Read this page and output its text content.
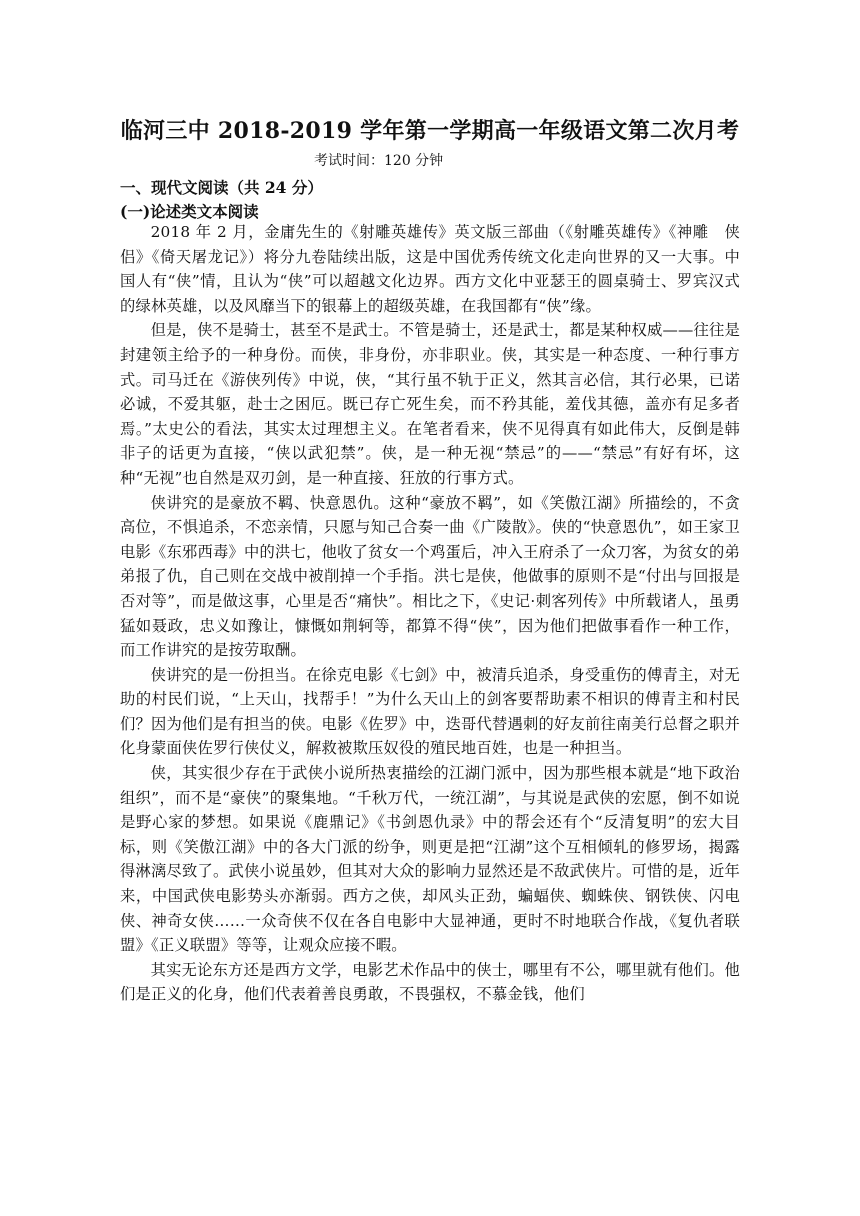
临河三中 2018-2019 学年第一学期高一年级语文第二次月考
考试时间：120 分钟
一、现代文阅读（共 24 分）
(一)论述类文本阅读

2018 年 2 月，金庸先生的《射雕英雄传》英文版三部曲（《射雕英雄传》《神雕　侠侣》《倚天屠龙记》）将分九卷陆续出版，这是中国优秀传统文化走向世界的又一大事。中国人有“侠”情，且认为“侠”可以超越文化边界。西方文化中亚瑟王的圆桌骑士、罗宾汉式的绿林英雄，以及风靡当下的银幕上的超级英雄，在我国都有“侠”缘。

但是，侠不是骑士，甚至不是武士。不管是骑士，还是武士，都是某种权威——往往是封建领主给予的一种身份。而侠，非身份，亦非职业。侠，其实是一种态度、一种行事方式。司马迁在《游侠列传》中说，侠，“其行虽不轨于正义，然其言必信，其行必果，已诺必诚，不爱其躯，赴士之困厄。既已存亡死生矣，而不矜其能，羞伐其德，盖亦有足多者焉。”太史公的看法，其实太过理想主义。在笔者看来，侠不见得真有如此伟大，反倒是韩非子的话更为直接，“侠以武犯禁”。侠，是一种无视“禁忌”的——“禁忌”有好有坏，这种“无视”也自然是双刃剑，是一种直接、狂放的行事方式。

侠讲究的是豪放不羁、快意恩仇。这种“豪放不羁”，如《笑傲江湖》所描绘的，不贪高位，不惧追杀，不恋亲情，只愿与知己合奏一曲《广陵散》。侠的“快意恩仇”，如王家卫电影《东邪西毒》中的洪七，他收了贫女一个鸡蛋后，冲入王府杀了一众刀客，为贫女的弟弟报了仇，自己则在交战中被削掉一个手指。洪七是侠，他做事的原则不是“付出与回报是否对等”，而是做这事，心里是否“痛快”。相比之下，《史记·刺客列传》中所载诸人，虽勇猛如聂政，忠义如豫让，慷慨如荆轲等，都算不得“侠”，因为他们把做事看作一种工作，而工作讲究的是按劳取酬。

侠讲究的是一份担当。在徐克电影《七剑》中，被清兵追杀，身受重伤的傅青主，对无助的村民们说，“上天山，找帮手！”为什么天山上的剑客要帮助素不相识的傅青主和村民们？因为他们是有担当的侠。电影《佐罗》中，迭哥代替遇刺的好友前往南美行总督之职并化身蒙面侠佐罗行侠仗义，解救被欺压奴役的殖民地百姓，也是一种担当。

侠，其实很少存在于武侠小说所热衷描绘的江湖门派中，因为那些根本就是“地下政治组织”，而不是“豪侠”的聚集地。“千秋万代，一统江湖”，与其说是武侠的宏愿，倒不如说是野心家的梦想。如果说《鹿鼎记》《书剑恩仇录》中的帮会还有个“反清复明”的宏大目标，则《笑傲江湖》中的各大门派的纷争，则更是把“江湖”这个互相倾轧的修罗场，揭露得淋漓尽致了。武侠小说虽妙，但其对大众的影响力显然还是不敌武侠片。可惜的是，近年来，中国武侠电影势头亦渐弱。西方之侠，却风头正劲，蝙蝠侠、蜘蛛侠、钢铁侠、闪电侠、神奇女侠……一众奇侠不仅在各自电影中大显神通，更时不时地联合作战，《复仇者联盟》《正义联盟》等等，让观众应接不暇。

其实无论东方还是西方文学，电影艺术作品中的侠士，哪里有不公，哪里就有他们。他们是正义的化身，他们代表着善良勇敢，不畏强权，不慕金钱，他们
